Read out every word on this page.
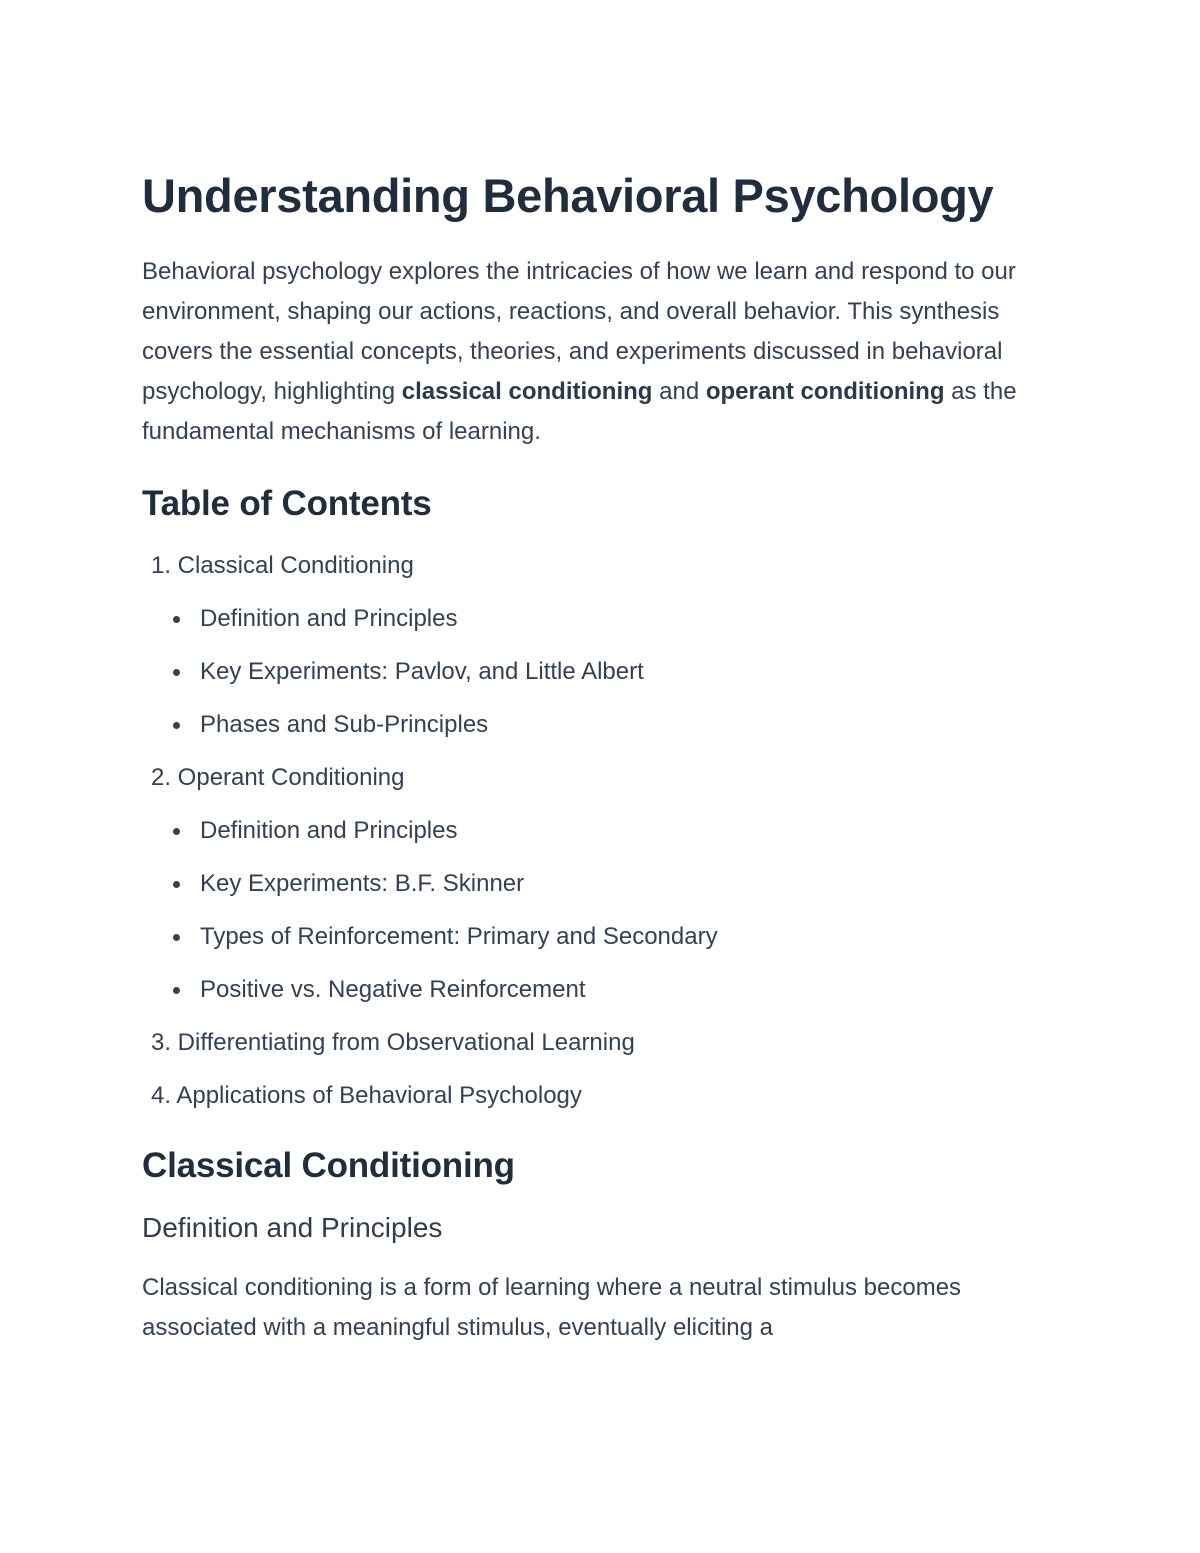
Understanding Behavioral Psychology

Behavioral psychology explores the intricacies of how we learn and respond to our environment, shaping our actions, reactions, and overall behavior. This synthesis covers the essential concepts, theories, and experiments discussed in behavioral psychology, highlighting classical conditioning and operant conditioning as the fundamental mechanisms of learning.

Table of Contents
1. Classical Conditioning
Definition and Principles
Key Experiments: Pavlov, and Little Albert
Phases and Sub-Principles
2. Operant Conditioning
Definition and Principles
Key Experiments: B.F. Skinner
Types of Reinforcement: Primary and Secondary
Positive vs. Negative Reinforcement
3. Differentiating from Observational Learning
4. Applications of Behavioral Psychology
Classical Conditioning
Definition and Principles

Classical conditioning is a form of learning where a neutral stimulus becomes associated with a meaningful stimulus, eventually eliciting a
